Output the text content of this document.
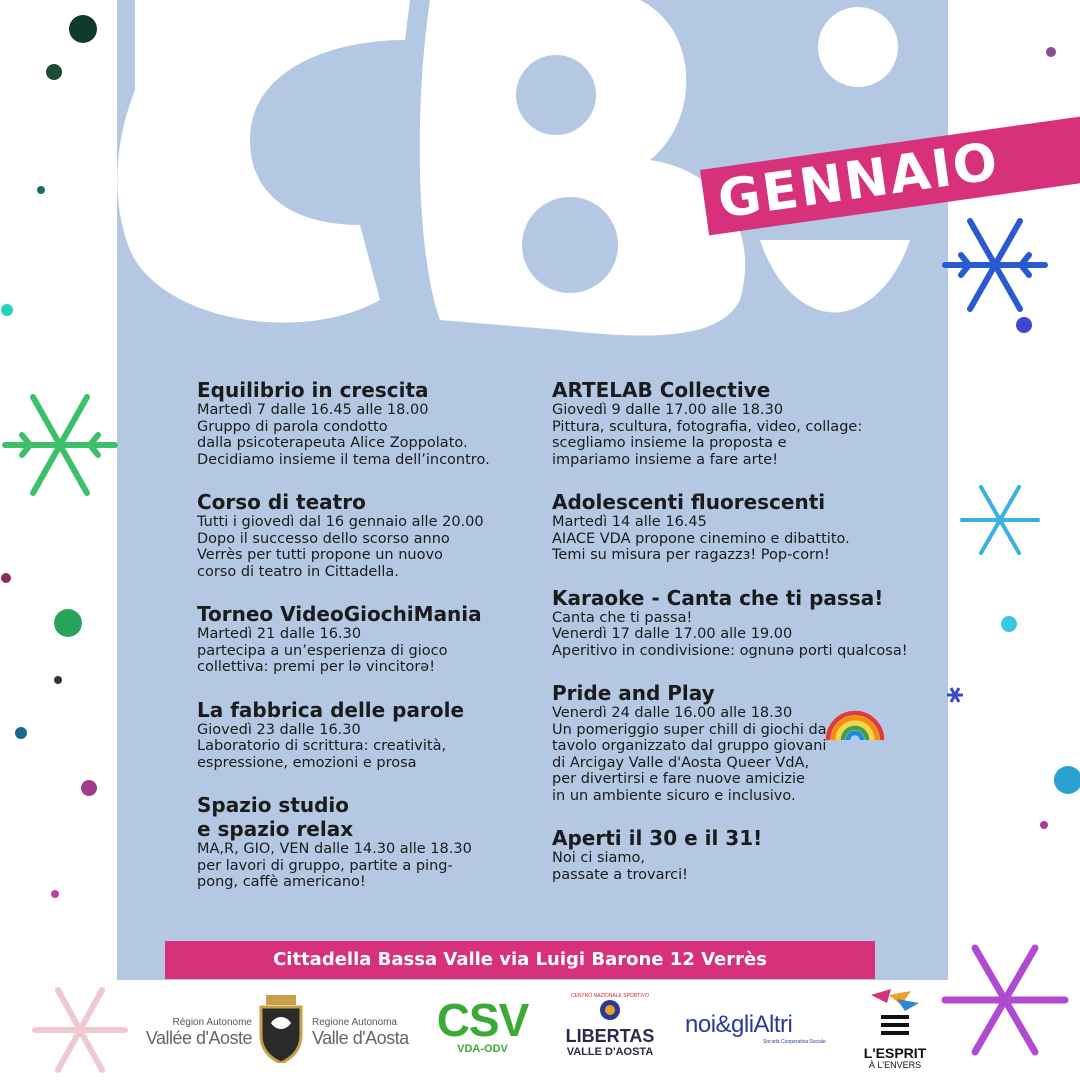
GENNAIO
Equilibrio in crescita

Martedì 7 dalle 16.45 alle 18.00

Gruppo di parola condotto

dalla psicoterapeuta Alice Zoppolato.

Decidiamo insieme il tema dell’incontro.

Corso di teatro

Tutti i giovedì dal 16 gennaio alle 20.00

Dopo il successo dello scorso anno

Verrès per tutti propone un nuovo

corso di teatro in Cittadella.

Torneo VideoGiochiMania

Martedì 21 dalle 16.30

partecipa a un’esperienza di gioco

collettiva: premi per lə vincitorə!

La fabbrica delle parole

Giovedì 23 dalle 16.30

Laboratorio di scrittura: creatività,

espressione, emozioni e prosa

Spazio studio
e spazio relax

MA,R, GIO, VEN dalle 14.30 alle 18.30

per lavori di gruppo, partite a ping-

pong, caffè americano!

ARTELAB Collective

Giovedì 9 dalle 17.00 alle 18.30

Pittura, scultura, fotografia, video, collage:

scegliamo insieme la proposta e

impariamo insieme a fare arte!

Adolescenti fluorescenti

Martedì 14 alle 16.45

AIACE VDA propone cinemino e dibattito.

Temi su misura per ragazzз! Pop-corn!

Karaoke - Canta che ti passa!

Canta che ti passa!

Venerdì 17 dalle 17.00 alle 19.00

Aperitivo in condivisione: ognunə porti qualcosa!

Pride and Play

Venerdì 24 dalle 16.00 alle 18.30

Un pomeriggio super chill di giochi da

tavolo organizzato dal gruppo giovani

di Arcigay Valle d'Aosta Queer VdA,

per divertirsi e fare nuove amicizie

in un ambiente sicuro e inclusivo.

Aperti il 30 e il 31!

Noi ci siamo,

passate a trovarci!

Cittadella Bassa Valle via Luigi Barone 12 Verrès
Région Autonome
Vallée d'Aoste
Regione Autonoma
Valle d'Aosta CSV
VDA-ODV
CENTRO NAZIONALE SPORTIVO
LIBERTAS
VALLE D'AOSTA
noi&gliAltri
Società Cooperativa Sociale
L'ESPRIT
À L'ENVERS
